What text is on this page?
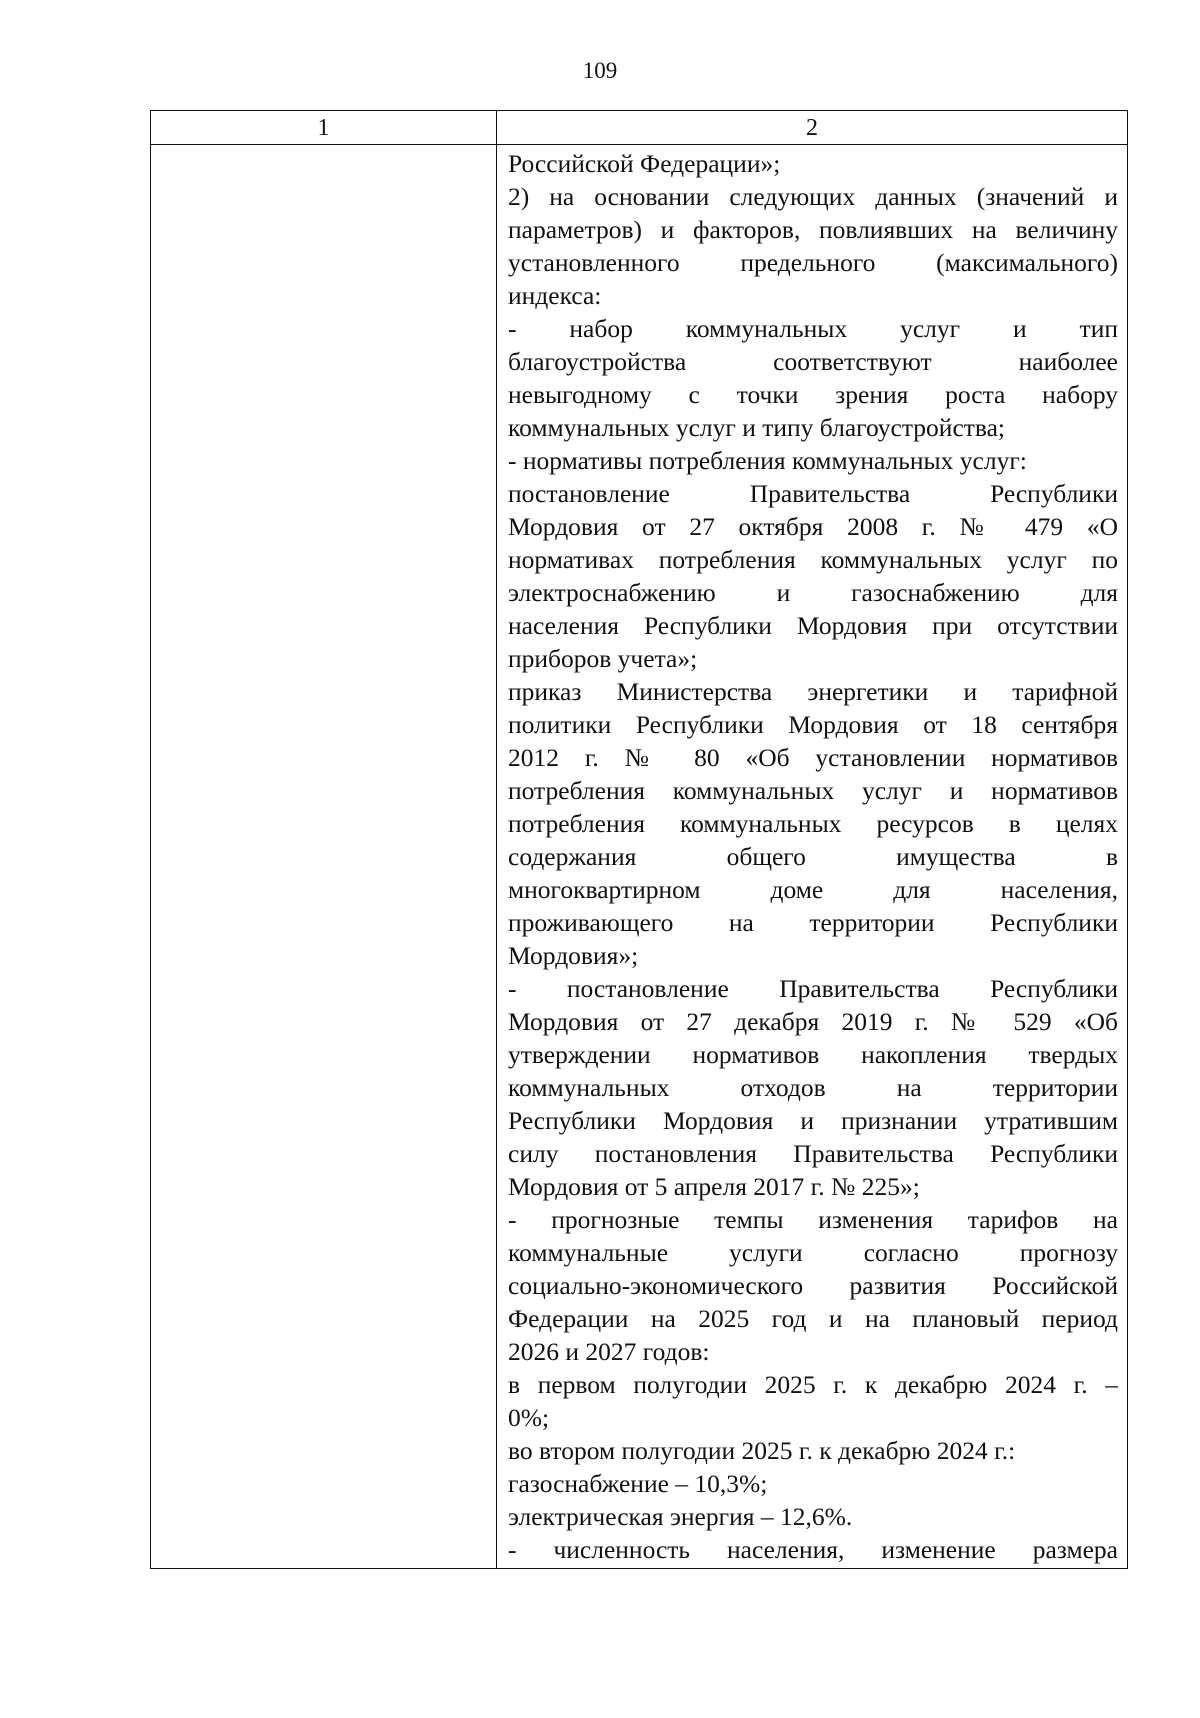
109
1	2
Российской Федерации»;
2) на основании следующих данных (значений и
параметров) и факторов, повлиявших на величину
установленного предельного (максимального)
индекса:
- набор коммунальных услуг и тип
благоустройства соответствуют наиболее
невыгодному с точки зрения роста набору
коммунальных услуг и типу благоустройства;
- нормативы потребления коммунальных услуг:
постановление Правительства Республики
Мордовия от 27 октября 2008 г. № 479 «О
нормативах потребления коммунальных услуг по
электроснабжению и газоснабжению для
населения Республики Мордовия при отсутствии
приборов учета»;
приказ Министерства энергетики и тарифной
политики Республики Мордовия от 18 сентября
2012 г. № 80 «Об установлении нормативов
потребления коммунальных услуг и нормативов
потребления коммунальных ресурсов в целях
содержания общего имущества в
многоквартирном доме для населения,
проживающего на территории Республики
Мордовия»;
- постановление Правительства Республики
Мордовия от 27 декабря 2019 г. № 529 «Об
утверждении нормативов накопления твердых
коммунальных отходов на территории
Республики Мордовия и признании утратившим
силу постановления Правительства Республики
Мордовия от 5 апреля 2017 г. № 225»;
- прогнозные темпы изменения тарифов на
коммунальные услуги согласно прогнозу
социально-экономического развития Российской
Федерации на 2025 год и на плановый период
2026 и 2027 годов:
в первом полугодии 2025 г. к декабрю 2024 г. –
0%;
во втором полугодии 2025 г. к декабрю 2024 г.:
газоснабжение – 10,3%;
электрическая энергия – 12,6%.
- численность населения, изменение размера
